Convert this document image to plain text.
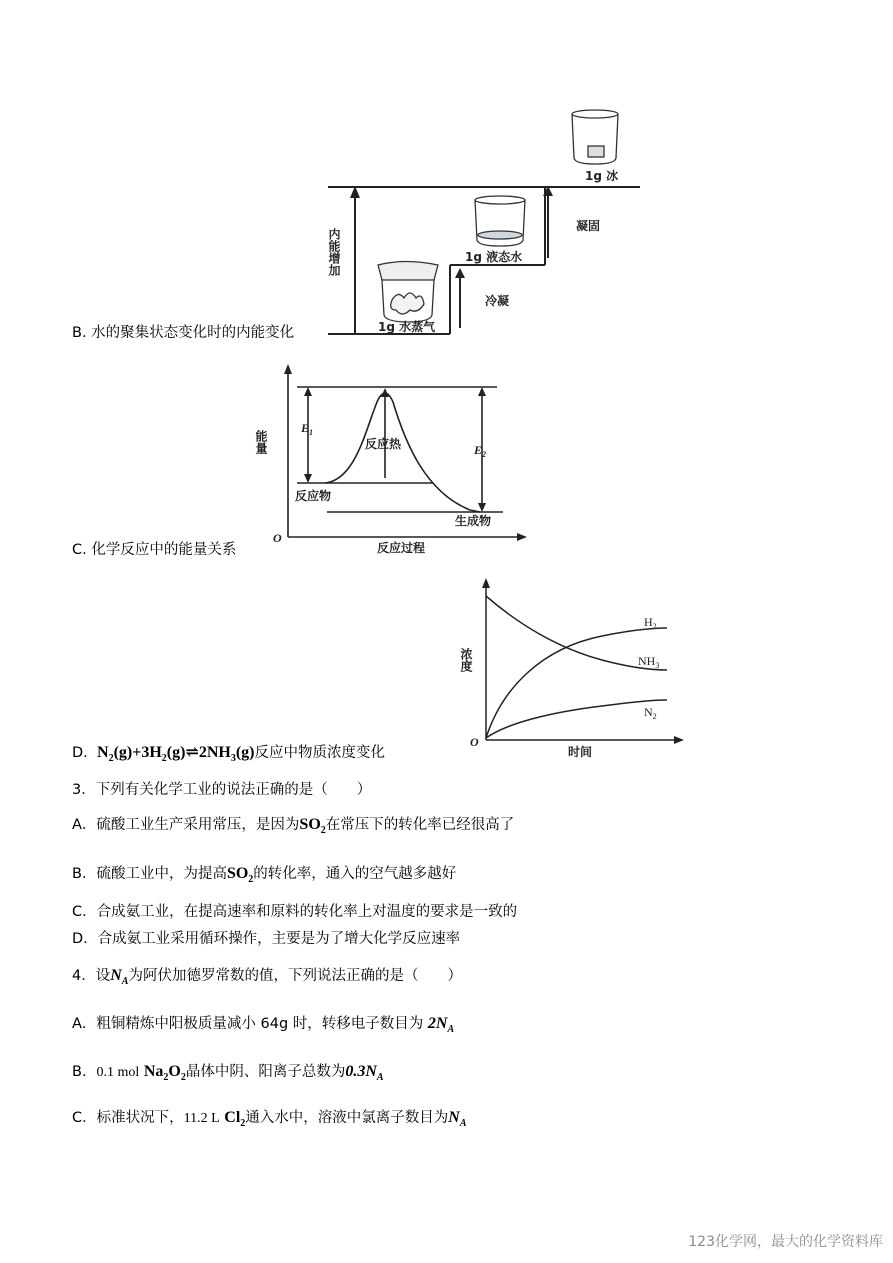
1g 冰
1g 液态水
1g 水蒸气
凝固
冷凝
内能增加
$E_1$
$E_2$
反应热
反应物
生成物
反应过程
O
能量
$H_2$
$NH_3$
$N_2$
时间
O
浓度
B. 水的聚集状态变化时的内能变化
C. 化学反应中的能量关系
D. $N_2(g)+3H_2(g)\rightleftharpoons 2NH_3(g)$反应中物质浓度变化
3．下列有关化学工业的说法正确的是（　　）
A．硫酸工业生产采用常压，是因为$SO_2$在常压下的转化率已经很高了
B．硫酸工业中，为提高$SO_2$的转化率，通入的空气越多越好
C．合成氨工业，在提高速率和原料的转化率上对温度的要求是一致的
D．合成氨工业采用循环操作，主要是为了增大化学反应速率
4．设$N_A$为阿伏加德罗常数的值，下列说法正确的是（　　）
A．粗铜精炼中阳极质量减小 64g 时，转移电子数目为 $2N_A$
B．0.1 mol $Na_2O_2$晶体中阴、阳离子总数为$0.3N_A$
C．标准状况下，11.2 L $Cl_2$通入水中，溶液中氯离子数目为$N_A$
123化学网，最大的化学资料库
